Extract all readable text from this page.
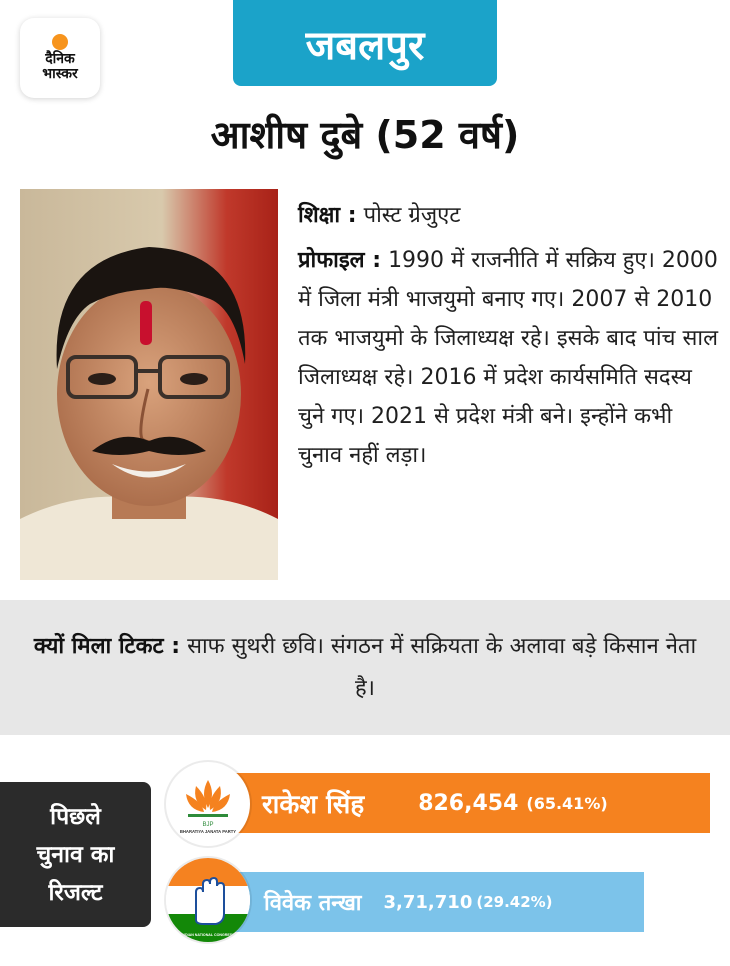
दैनिक
भास्कर
जबलपुर
आशीष दुबे (52 वर्ष)

शिक्षा : पोस्ट ग्रेजुएट

प्रोफाइल : 1990 में राजनीति में सक्रिय हुए। 2000 में जिला मंत्री भाजयुमो बनाए गए। 2007 से 2010 तक भाजयुमो के जिलाध्यक्ष रहे। इसके बाद पांच साल जिलाध्यक्ष रहे। 2016 में प्रदेश कार्यसमिति सदस्य चुने गए। 2021 से प्रदेश मंत्री बने। इन्होंने कभी चुनाव नहीं लड़ा।

क्यों मिला टिकट : साफ सुथरी छवि। संगठन में सक्रियता के अलावा बड़े किसान नेता है।

पिछले
चुनाव का
रिजल्ट
राकेश सिंह 826,454 (65.41%)
BJP
BHARATIYA JANATA PARTY
विवेक तन्खा 3,71,710 (29.42%)
INDIAN NATIONAL CONGRESS
